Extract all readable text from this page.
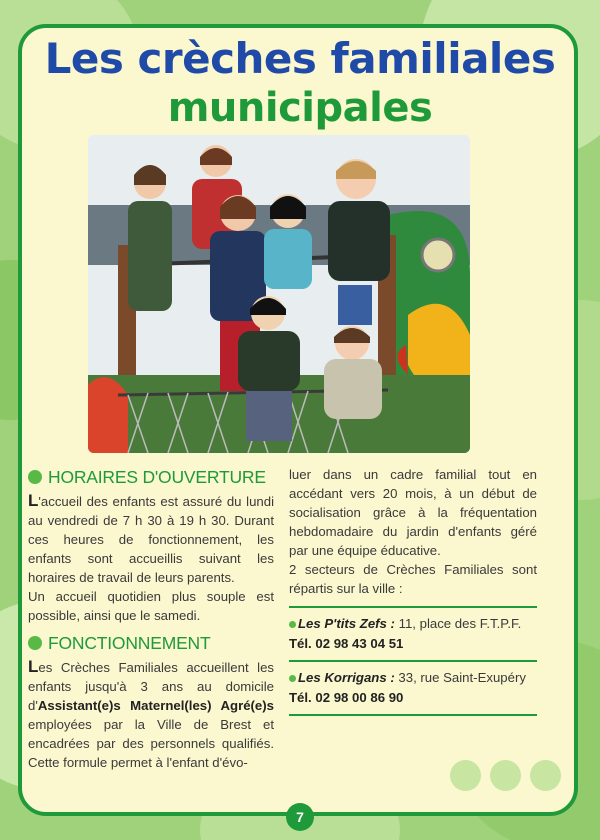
Les crèches familiales
municipales
HORAIRES D'OUVERTURE

L'accueil des enfants est assuré du lundi au vendredi de 7 h 30 à 19 h 30. Durant ces heures de fonctionnement, les enfants sont accueillis suivant les horaires de travail de leurs parents.

Un accueil quotidien plus souple est possible, ainsi que le samedi.

FONCTIONNEMENT

Les Crèches Familiales accueillent les enfants jusqu'à 3 ans au domicile d'Assistant(e)s Maternel(les) Agré(e)s employées par la Ville de Brest et encadrées par des personnels qualifiés. Cette formule permet à l'enfant d'évo-

luer dans un cadre familial tout en accédant vers 20 mois, à un début de socialisation grâce à la fréquentation hebdomadaire du jardin d'enfants géré par une équipe éducative.

2 secteurs de Crèches Familiales sont répartis sur la ville :

Les P'tits Zefs : 11, place des F.T.P.F.
Tél. 02 98 43 04 51
Les Korrigans : 33, rue Saint-Exupéry
Tél. 02 98 00 86 90
7
